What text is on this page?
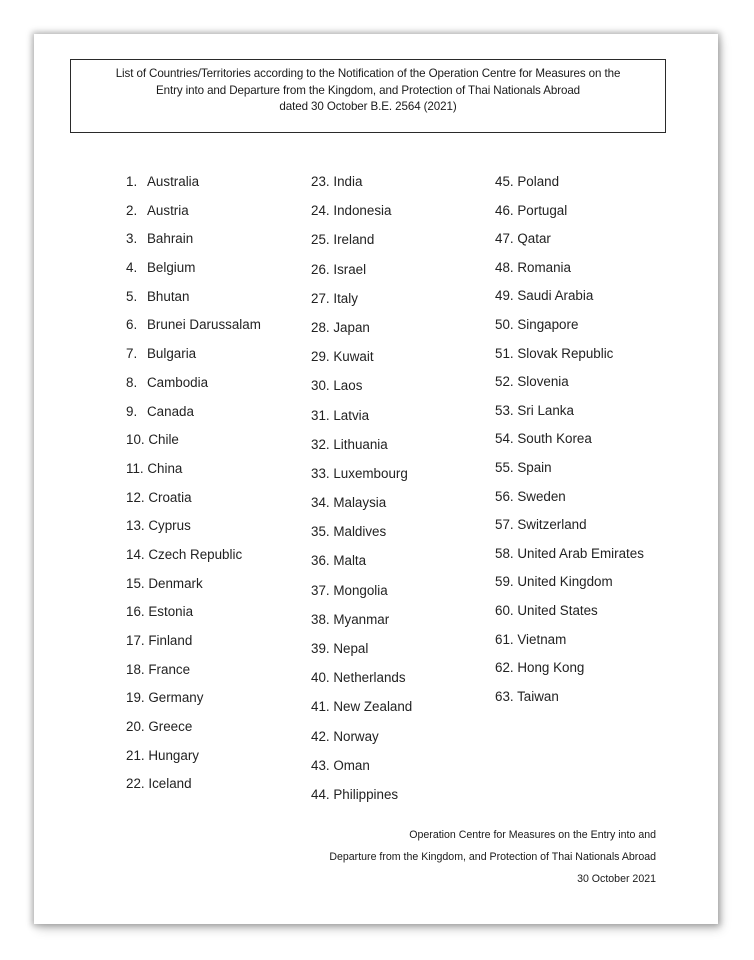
List of Countries/Territories according to the Notification of the Operation Centre for Measures on the
Entry into and Departure from the Kingdom, and Protection of Thai Nationals Abroad
dated 30 October B.E. 2564 (2021)
1. Australia
2. Austria
3. Bahrain
4. Belgium
5. Bhutan
6. Brunei Darussalam
7. Bulgaria
8. Cambodia
9. Canada
10. Chile
11. China
12. Croatia
13. Cyprus
14. Czech Republic
15. Denmark
16. Estonia
17. Finland
18. France
19. Germany
20. Greece
21. Hungary
22. Iceland
23. India
24. Indonesia
25. Ireland
26. Israel
27. Italy
28. Japan
29. Kuwait
30. Laos
31. Latvia
32. Lithuania
33. Luxembourg
34. Malaysia
35. Maldives
36. Malta
37. Mongolia
38. Myanmar
39. Nepal
40. Netherlands
41. New Zealand
42. Norway
43. Oman
44. Philippines
45. Poland
46. Portugal
47. Qatar
48. Romania
49. Saudi Arabia
50. Singapore
51. Slovak Republic
52. Slovenia
53. Sri Lanka
54. South Korea
55. Spain
56. Sweden
57. Switzerland
58. United Arab Emirates
59. United Kingdom
60. United States
61. Vietnam
62. Hong Kong
63. Taiwan
Operation Centre for Measures on the Entry into and
Departure from the Kingdom, and Protection of Thai Nationals Abroad
30 October 2021
